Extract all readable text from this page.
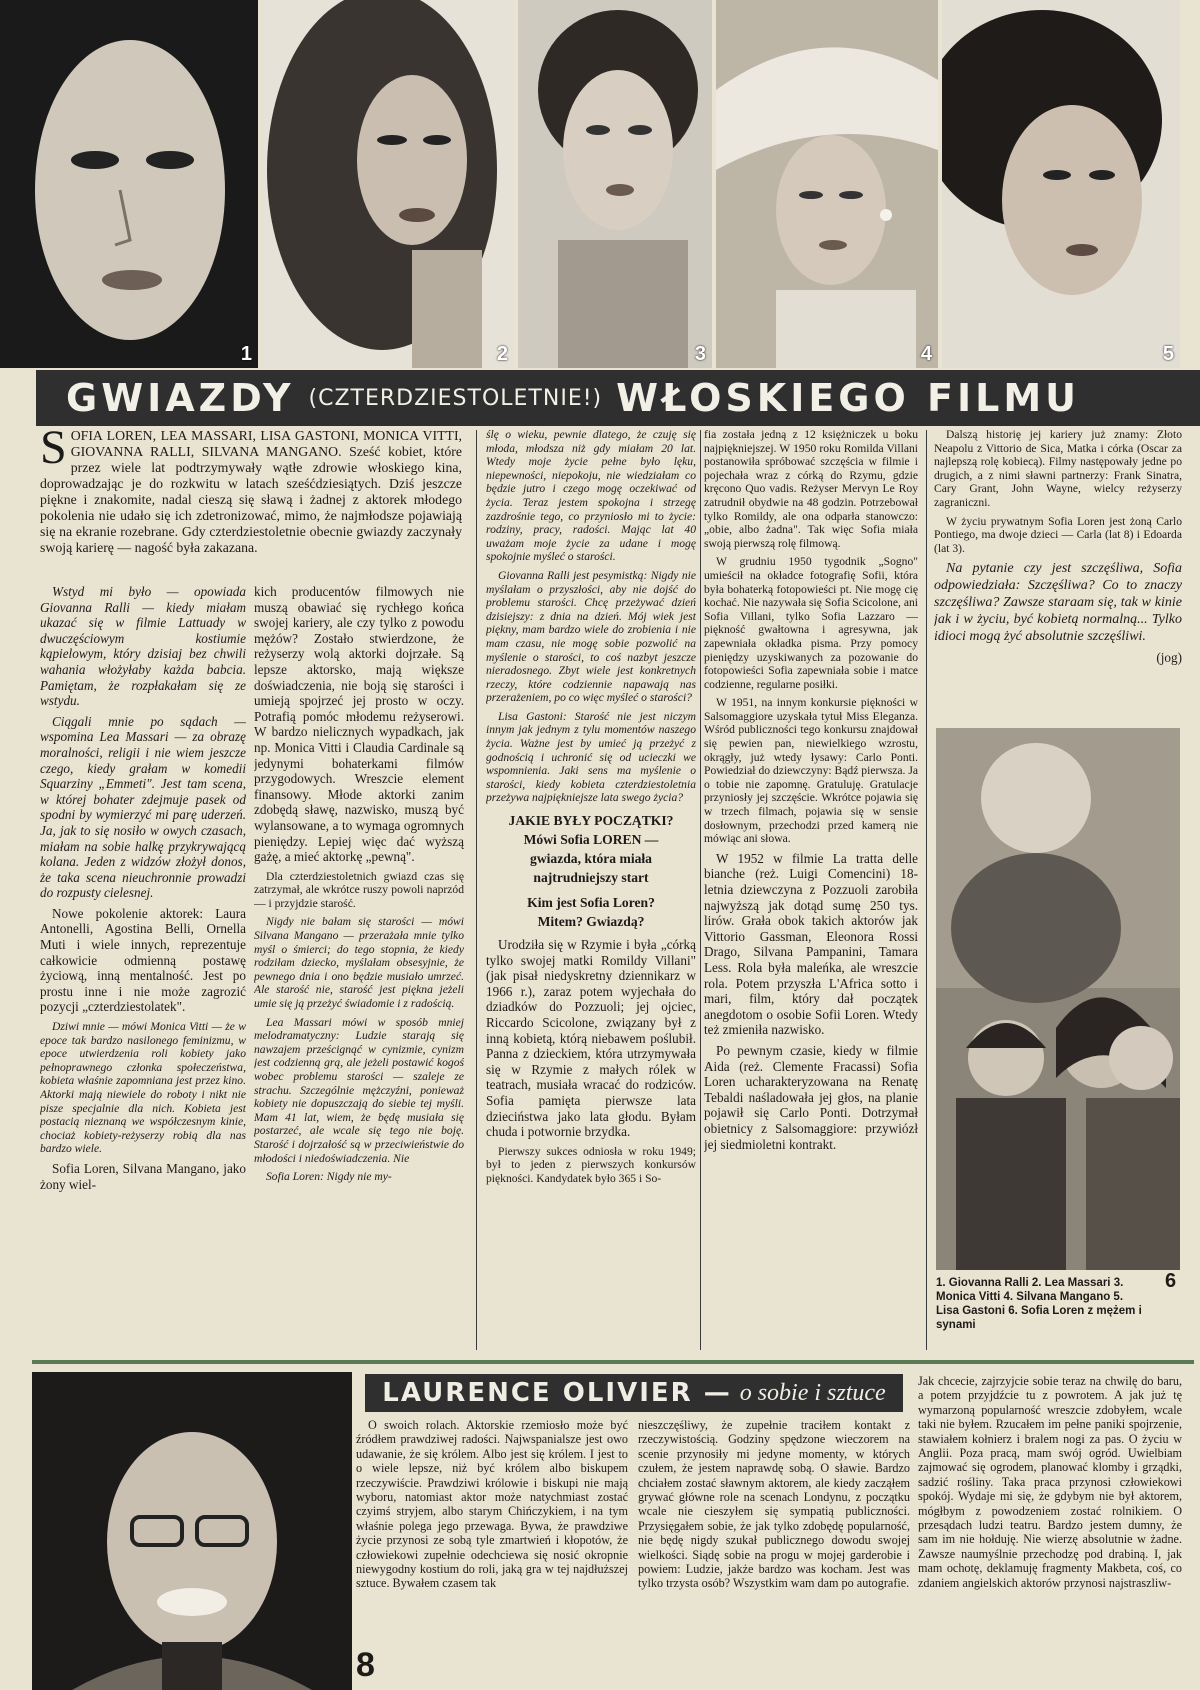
1	2	3	4	5
GWIAZDY (CZTERDZIESTOLETNIE!) WŁOSKIEGO FILMU
SOFIA LOREN, LEA MASSARI, LISA GASTONI, MONICA VITTI, GIOVANNA RALLI, SILVANA MANGANO. Sześć kobiet, które przez wiele lat podtrzymywały wątłe zdrowie włoskiego kina, doprowadzając je do rozkwitu w latach sześćdziesiątych. Dziś jeszcze piękne i znakomite, nadal cieszą się sławą i żadnej z aktorek młodego pokolenia nie udało się ich zdetronizować, mimo, że najmłodsze pojawiają się na ekranie rozebrane. Gdy czterdziestoletnie obecnie gwiazdy zaczynały swoją karierę — nagość była zakazana.

Wstyd mi było — opowiada Giovanna Ralli — kiedy miałam ukazać się w filmie Lattuady w dwuczęściowym kostiumie kąpielowym, który dzisiaj bez chwili wahania włożyłaby każda babcia. Pamiętam, że rozpłakałam się ze wstydu.

Ciągali mnie po sądach — wspomina Lea Massari — za obrazę moralności, religii i nie wiem jeszcze czego, kiedy grałam w komedii Squarziny „Emmeti". Jest tam scena, w której bohater zdejmuje pasek od spodni by wymierzyć mi parę uderzeń. Ja, jak to się nosiło w owych czasach, miałam na sobie halkę przykrywającą kolana. Jeden z widzów złożył donos, że taka scena nieuchronnie prowadzi do rozpusty cielesnej.

Nowe pokolenie aktorek: Laura Antonelli, Agostina Belli, Ornella Muti i wiele innych, reprezentuje całkowicie odmienną postawę życiową, inną mentalność. Jest po prostu inne i nie może zagrozić pozycji „czterdziestolatek".

Dziwi mnie — mówi Monica Vitti — że w epoce tak bardzo nasilonego feminizmu, w epoce utwierdzenia roli kobiety jako pełnoprawnego członka społeczeństwa, kobieta właśnie zapomniana jest przez kino. Aktorki mają niewiele do roboty i nikt nie pisze specjalnie dla nich. Kobieta jest postacią nieznaną we współczesnym kinie, chociaż kobiety-reżyserzy robią dla nas bardzo wiele.

Sofia Loren, Silvana Mangano, jako żony wiel-

kich producentów filmowych nie muszą obawiać się rychłego końca swojej kariery, ale czy tylko z powodu mężów? Zostało stwierdzone, że reżyserzy wolą aktorki dojrzałe. Są lepsze aktorsko, mają większe doświadczenia, nie boją się starości i umieją spojrzeć jej prosto w oczy. Potrafią pomóc młodemu reżyserowi. W bardzo nielicznych wypadkach, jak np. Monica Vitti i Claudia Cardinale są jedynymi bohaterkami filmów przygodowych. Wreszcie element finansowy. Młode aktorki zanim zdobędą sławę, nazwisko, muszą być wylansowane, a to wymaga ogromnych pieniędzy. Lepiej więc dać wyższą gażę, a mieć aktorkę „pewną".

Dla czterdziestoletnich gwiazd czas się zatrzymał, ale wkrótce ruszy powoli naprzód — i przyjdzie starość.

Nigdy nie bałam się starości — mówi Silvana Mangano — przerażała mnie tylko myśl o śmierci; do tego stopnia, że kiedy rodziłam dziecko, myślałam obsesyjnie, że pewnego dnia i ono będzie musiało umrzeć. Ale starość nie, starość jest piękna jeżeli umie się ją przeżyć świadomie i z radością.

Lea Massari mówi w sposób mniej melodramatyczny: Ludzie starają się nawzajem prześcignąć w cynizmie, cynizm jest codzienną grą, ale jeżeli postawić kogoś wobec problemu starości — szaleje ze strachu. Szczególnie mężczyźni, ponieważ kobiety nie dopuszczają do siebie tej myśli. Mam 41 lat, wiem, że będę musiała się postarzeć, ale wcale się tego nie boję. Starość i dojrzałość są w przeciwieństwie do młodości i niedoświadczenia. Nie

Sofia Loren: Nigdy nie my-

ślę o wieku, pewnie dlatego, że czuję się młoda, młodsza niż gdy miałam 20 lat. Wtedy moje życie pełne było lęku, niepewności, niepokoju, nie wiedziałam co będzie jutro i czego mogę oczekiwać od życia. Teraz jestem spokojna i strzegę zazdrośnie tego, co przyniosło mi to życie: rodziny, pracy, radości. Mając lat 40 uważam moje życie za udane i mogę spokojnie myśleć o starości.

Giovanna Ralli jest pesymistką: Nigdy nie myślałam o przyszłości, aby nie dojść do problemu starości. Chcę przeżywać dzień dzisiejszy: z dnia na dzień. Mój wiek jest piękny, mam bardzo wiele do zrobienia i nie mam czasu, nie mogę sobie pozwolić na myślenie o starości, to coś nazbyt jeszcze nieradosnego. Zbyt wiele jest konkretnych rzeczy, które codziennie napawają nas przerażeniem, po co więc myśleć o starości?

Lisa Gastoni: Starość nie jest niczym innym jak jednym z tylu momentów naszego życia. Ważne jest by umieć ją przeżyć z godnością i uchronić się od ucieczki we wspomnienia. Jaki sens ma myślenie o starości, kiedy kobieta czterdziestoletnia przeżywa najpiękniejsze lata swego życia?

JAKIE BYŁY POCZĄTKI?
Mówi Sofia LOREN —
gwiazda, która miała
najtrudniejszy start
Kim jest Sofia Loren?
Mitem? Gwiazdą?

Urodziła się w Rzymie i była „córką tylko swojej matki Romildy Villani" (jak pisał niedyskretny dziennikarz w 1966 r.), zaraz potem wyjechała do dziadków do Pozzuoli; jej ojciec, Riccardo Scicolone, związany był z inną kobietą, którą niebawem poślubił. Panna z dzieckiem, która utrzymywała się w Rzymie z małych rólek w teatrach, musiała wracać do rodziców. Sofia pamięta pierwsze lata dzieciństwa jako lata głodu. Byłam chuda i potwornie brzydka.

Pierwszy sukces odniosła w roku 1949; był to jeden z pierwszych konkursów piękności. Kandydatek było 365 i So-

fia została jedną z 12 księżniczek u boku najpiękniejszej. W 1950 roku Romilda Villani postanowiła spróbować szczęścia w filmie i pojechała wraz z córką do Rzymu, gdzie kręcono Quo vadis. Reżyser Mervyn Le Roy zatrudnił obydwie na 48 godzin. Potrzebował tylko Romildy, ale ona odparła stanowczo: „obie, albo żadna". Tak więc Sofia miała swoją pierwszą rolę filmową.

W grudniu 1950 tygodnik „Sogno" umieścił na okładce fotografię Sofii, która była bohaterką fotopowieści pt. Nie mogę cię kochać. Nie nazywała się Sofia Scicolone, ani Sofia Villani, tylko Sofia Lazzaro — piękność gwałtowna i agresywna, jak zapewniała okładka pisma. Przy pomocy pieniędzy uzyskiwanych za pozowanie do fotopowieści Sofia zapewniała sobie i matce codzienne, regularne posiłki.

W 1951, na innym konkursie piękności w Salsomaggiore uzyskała tytuł Miss Eleganza. Wśród publiczności tego konkursu znajdował się pewien pan, niewielkiego wzrostu, okrągły, już wtedy łysawy: Carlo Ponti. Powiedział do dziewczyny: Bądź pierwsza. Ja o tobie nie zapomnę. Gratuluję. Gratulacje przyniosły jej szczęście. Wkrótce pojawia się w trzech filmach, pojawia się w sensie dosłownym, przechodzi przed kamerą nie mówiąc ani słowa.

W 1952 w filmie La tratta delle bianche (reż. Luigi Comencini) 18-letnia dziewczyna z Pozzuoli zarobiła najwyższą jak dotąd sumę 250 tys. lirów. Grała obok takich aktorów jak Vittorio Gassman, Eleonora Rossi Drago, Silvana Pampanini, Tamara Less. Rola była maleńka, ale wreszcie rola. Potem przyszła L'Africa sotto i mari, film, który dał początek anegdotom o osobie Sofii Loren. Wtedy też zmieniła nazwisko.

Po pewnym czasie, kiedy w filmie Aida (reż. Clemente Fracassi) Sofia Loren ucharakteryzowana na Renatę Tebaldi naśladowała jej głos, na planie pojawił się Carlo Ponti. Dotrzymał obietnicy z Salsomaggiore: przywiózł jej siedmioletni kontrakt.

Dalszą historię jej kariery już znamy: Złoto Neapolu z Vittorio de Sica, Matka i córka (Oscar za najlepszą rolę kobiecą). Filmy następowały jedne po drugich, a z nimi sławni partnerzy: Frank Sinatra, Cary Grant, John Wayne, wielcy reżyserzy zagraniczni.

W życiu prywatnym Sofia Loren jest żoną Carlo Pontiego, ma dwoje dzieci — Carla (lat 8) i Edoarda (lat 3).

Na pytanie czy jest szczęśliwa, Sofia odpowiedziała: Szczęśliwa? Co to znaczy szczęśliwa? Zawsze staraam się, tak w kinie jak i w życiu, być kobietą normalną... Tylko idioci mogą żyć absolutnie szczęśliwi.

(jog)
1. Giovanna Ralli 2. Lea Massari 3. Monica Vitti 4. Silvana Mangano 5. Lisa Gastoni 6. Sofia Loren z mężem i synami
6
LAURENCE OLIVIER — o sobie i sztuce

O swoich rolach. Aktorskie rzemiosło może być źródłem prawdziwej radości. Najwspanialsze jest owo udawanie, że się królem. Albo jest się królem. I jest to o wiele lepsze, niż być królem albo biskupem rzeczywiście. Prawdziwi królowie i biskupi nie mają wyboru, natomiast aktor może natychmiast zostać czyimś stryjem, albo starym Chińczykiem, i na tym właśnie polega jego przewaga. Bywa, że prawdziwe życie przynosi ze sobą tyle zmartwień i kłopotów, że człowiekowi zupełnie odechciewa się nosić okropnie niewygodny kostium do roli, jaką gra w tej najdłuższej sztuce. Bywałem czasem tak

nieszczęśliwy, że zupełnie traciłem kontakt z rzeczywistością. Godziny spędzone wieczorem na scenie przynosiły mi jedyne momenty, w których czułem, że jestem naprawdę sobą. O sławie. Bardzo chciałem zostać sławnym aktorem, ale kiedy zacząłem grywać główne role na scenach Londynu, z początku wcale nie cieszyłem się sympatią publiczności. Przysięgałem sobie, że jak tylko zdobędę popularność, nie będę nigdy szukał publicznego dowodu swojej wielkości. Siądę sobie na progu w mojej garderobie i powiem: Ludzie, jakże bardzo was kocham. Jest was tylko trzysta osób? Wszystkim wam dam po autografie.

Jak chcecie, zajrzyjcie sobie teraz na chwilę do baru, a potem przyjdźcie tu z powrotem. A jak już tę wymarzoną popularność wreszcie zdobyłem, wcale taki nie byłem. Rzucałem im pełne paniki spojrzenie, stawiałem kołnierz i bralem nogi za pas. O życiu w Anglii. Poza pracą, mam swój ogród. Uwielbiam zajmować się ogrodem, planować klomby i grządki, sadzić rośliny. Taka praca przynosi człowiekowi spokój. Wydaje mi się, że gdybym nie był aktorem, mógłbym z powodzeniem zostać rolnikiem. O przesądach ludzi teatru. Bardzo jestem dumny, że sam im nie hołduję. Nie wierzę absolutnie w żadne. Zawsze naumyślnie przechodzę pod drabiną. I, jak mam ochotę, deklamuję fragmenty Makbeta, coś, co zdaniem angielskich aktorów przynosi najstraszliw-

8
